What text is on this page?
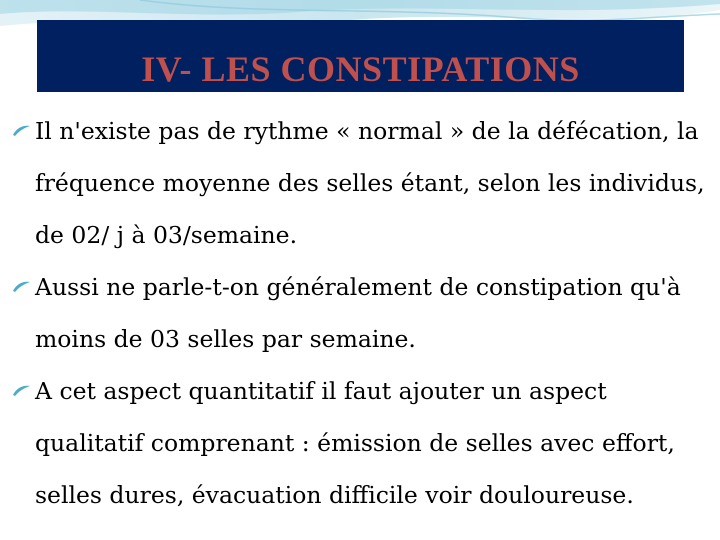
IV- LES CONSTIPATIONS
Il n'existe pas de rythme « normal » de la défécation, la fréquence moyenne des selles étant, selon les individus, de 02/ j à 03/semaine.
Aussi ne parle-t-on généralement de constipation qu'à moins de 03 selles par semaine.
A cet aspect quantitatif il faut ajouter un aspect qualitatif comprenant : émission de selles avec effort, selles dures, évacuation difficile voir douloureuse.
